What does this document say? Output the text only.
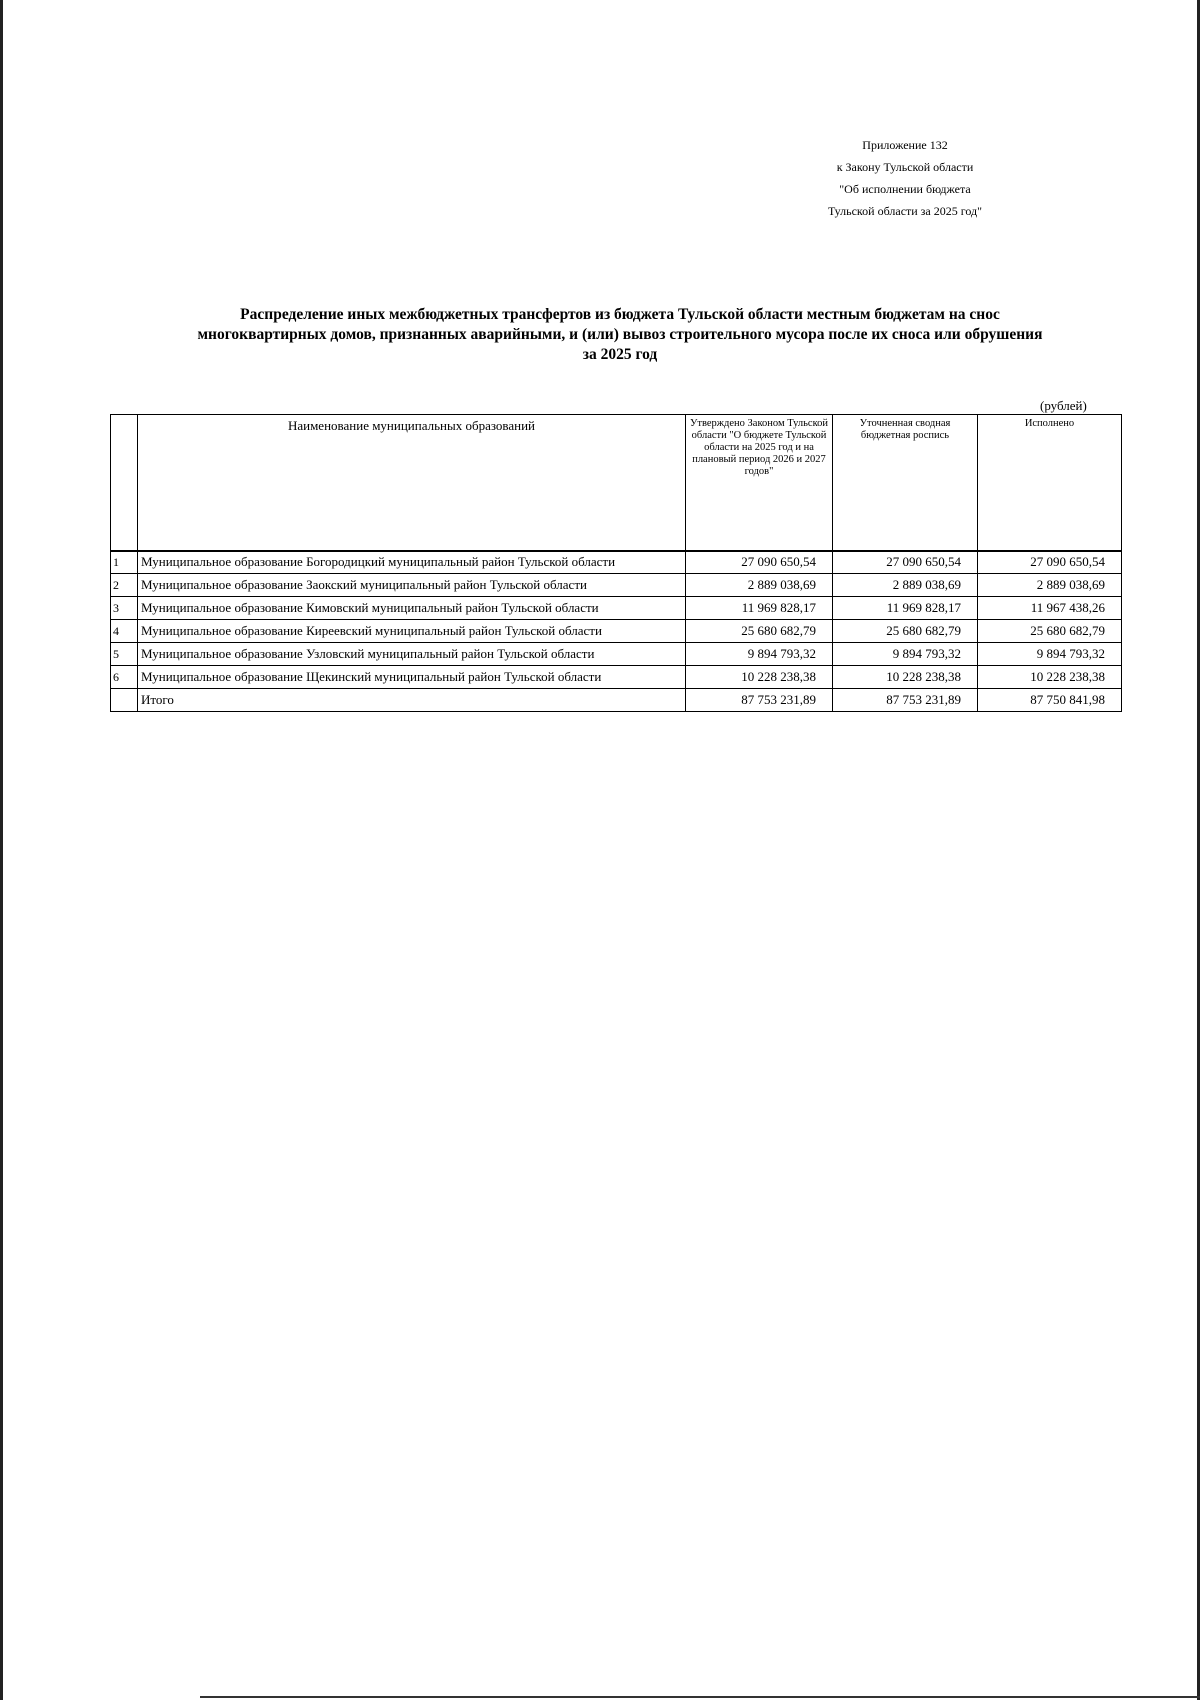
Приложение 132
к Закону Тульской области
"Об исполнении бюджета
Тульской области за 2025 год"
Распределение иных межбюджетных трансфертов из бюджета Тульской области местным бюджетам на снос
многоквартирных домов, признанных аварийными, и (или) вывоз строительного мусора после их сноса или обрушения
за 2025 год
(рублей)
	Наименование муниципальных образований	Утверждено Законом Тульской области "О бюджете Тульской области на 2025 год и на плановый период 2026 и 2027 годов"	Уточненная сводная бюджетная роспись	Исполнено
1	Муниципальное образование Богородицкий муниципальный район Тульской области	27 090 650,54	27 090 650,54	27 090 650,54
2	Муниципальное образование Заокский муниципальный район Тульской области	2 889 038,69	2 889 038,69	2 889 038,69
3	Муниципальное образование Кимовский муниципальный район Тульской области	11 969 828,17	11 969 828,17	11 967 438,26
4	Муниципальное образование Киреевский муниципальный район Тульской области	25 680 682,79	25 680 682,79	25 680 682,79
5	Муниципальное образование Узловский муниципальный район Тульской области	9 894 793,32	9 894 793,32	9 894 793,32
6	Муниципальное образование Щекинский муниципальный район Тульской области	10 228 238,38	10 228 238,38	10 228 238,38
	Итого	87 753 231,89	87 753 231,89	87 750 841,98
